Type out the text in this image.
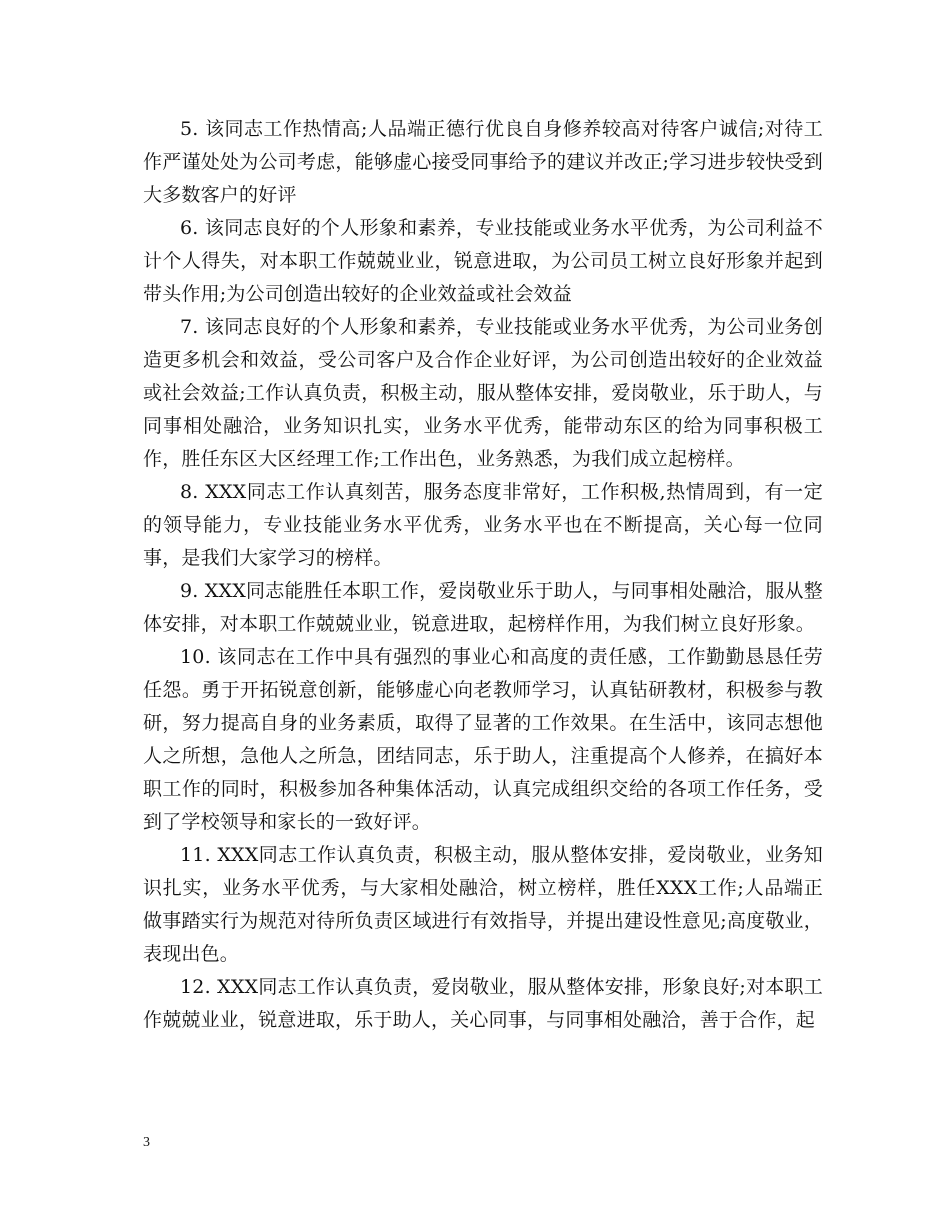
5. 该同志工作热情高;人品端正德行优良自身修养较高对待客户诚信;对待工作严谨处处为公司考虑，能够虚心接受同事给予的建议并改正;学习进步较快受到大多数客户的好评

6. 该同志良好的个人形象和素养，专业技能或业务水平优秀，为公司利益不计个人得失，对本职工作兢兢业业，锐意进取，为公司员工树立良好形象并起到带头作用;为公司创造出较好的企业效益或社会效益

7. 该同志良好的个人形象和素养，专业技能或业务水平优秀，为公司业务创造更多机会和效益，受公司客户及合作企业好评，为公司创造出较好的企业效益或社会效益;工作认真负责，积极主动，服从整体安排，爱岗敬业，乐于助人，与同事相处融洽，业务知识扎实，业务水平优秀，能带动东区的给为同事积极工作，胜任东区大区经理工作;工作出色，业务熟悉，为我们成立起榜样。

8. XXX同志工作认真刻苦，服务态度非常好，工作积极,热情周到，有一定的领导能力，专业技能业务水平优秀，业务水平也在不断提高，关心每一位同事，是我们大家学习的榜样。

9. XXX同志能胜任本职工作，爱岗敬业乐于助人，与同事相处融洽，服从整体安排，对本职工作兢兢业业，锐意进取，起榜样作用，为我们树立良好形象。

10. 该同志在工作中具有强烈的事业心和高度的责任感，工作勤勤恳恳任劳任怨。勇于开拓锐意创新，能够虚心向老教师学习，认真钻研教材，积极参与教研，努力提高自身的业务素质，取得了显著的工作效果。在生活中，该同志想他人之所想，急他人之所急，团结同志，乐于助人，注重提高个人修养，在搞好本职工作的同时，积极参加各种集体活动，认真完成组织交给的各项工作任务，受到了学校领导和家长的一致好评。

11. XXX同志工作认真负责，积极主动，服从整体安排，爱岗敬业，业务知识扎实，业务水平优秀，与大家相处融洽，树立榜样，胜任XXX工作;人品端正做事踏实行为规范对待所负责区域进行有效指导，并提出建设性意见;高度敬业，表现出色。

12. XXX同志工作认真负责，爱岗敬业，服从整体安排，形象良好;对本职工作兢兢业业，锐意进取，乐于助人，关心同事，与同事相处融洽，善于合作，起

3
